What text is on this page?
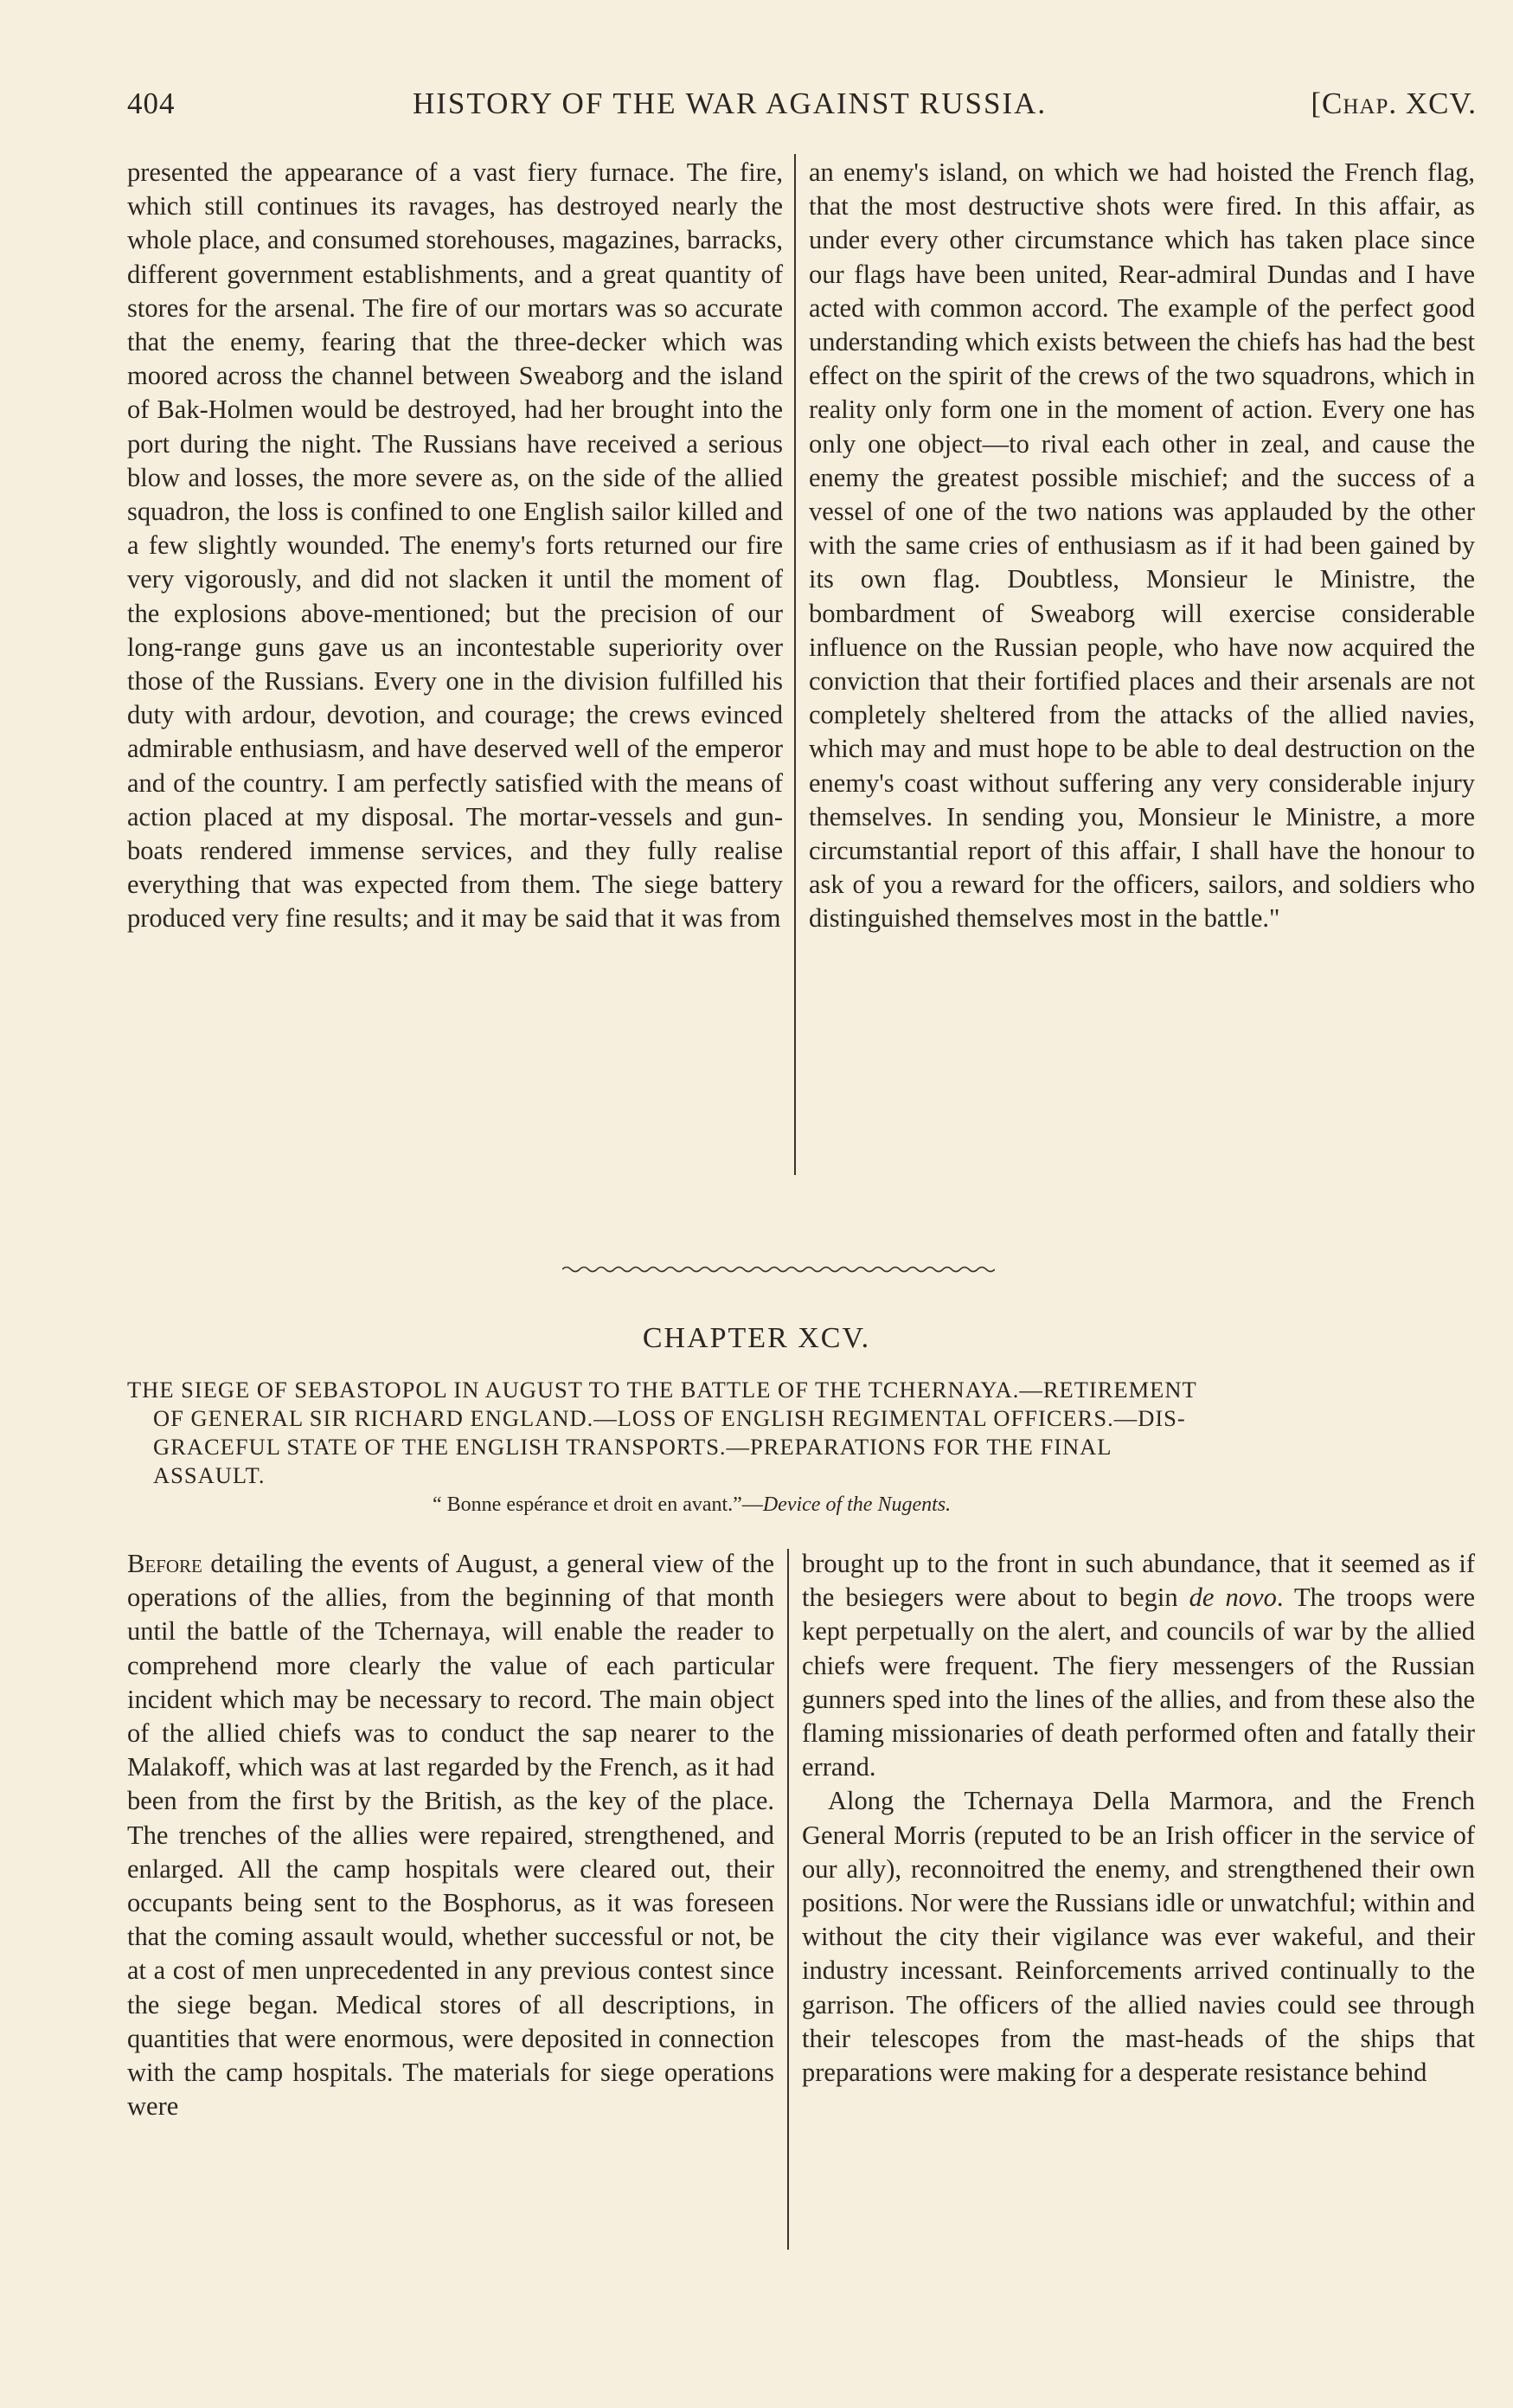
404	HISTORY OF THE WAR AGAINST RUSSIA.	[Chap. XCV.

presented the appearance of a vast fiery furnace. The fire, which still continues its ravages, has destroyed nearly the whole place, and consumed storehouses, magazines, barracks, different government establishments, and a great quantity of stores for the arsenal. The fire of our mortars was so accurate that the enemy, fearing that the three-decker which was moored across the channel between Sweaborg and the island of Bak-Holmen would be destroyed, had her brought into the port during the night. The Russians have received a serious blow and losses, the more severe as, on the side of the allied squadron, the loss is confined to one English sailor killed and a few slightly wounded. The enemy's forts returned our fire very vigorously, and did not slacken it until the moment of the explosions above-mentioned; but the precision of our long-range guns gave us an incontestable superiority over those of the Russians. Every one in the division fulfilled his duty with ardour, devotion, and courage; the crews evinced admirable enthusiasm, and have deserved well of the emperor and of the country. I am perfectly satisfied with the means of action placed at my disposal. The mortar-vessels and gun-boats rendered immense services, and they fully realise everything that was expected from them. The siege battery produced very fine results; and it may be said that it was from

an enemy's island, on which we had hoisted the French flag, that the most destructive shots were fired. In this affair, as under every other circumstance which has taken place since our flags have been united, Rear-admiral Dundas and I have acted with common accord. The example of the perfect good understanding which exists between the chiefs has had the best effect on the spirit of the crews of the two squadrons, which in reality only form one in the moment of action. Every one has only one object—to rival each other in zeal, and cause the enemy the greatest possible mischief; and the success of a vessel of one of the two nations was applauded by the other with the same cries of enthusiasm as if it had been gained by its own flag. Doubtless, Monsieur le Ministre, the bombardment of Sweaborg will exercise considerable influence on the Russian people, who have now acquired the conviction that their fortified places and their arsenals are not completely sheltered from the attacks of the allied navies, which may and must hope to be able to deal destruction on the enemy's coast without suffering any very considerable injury themselves. In sending you, Monsieur le Ministre, a more circumstantial report of this affair, I shall have the honour to ask of you a reward for the officers, sailors, and soldiers who distinguished themselves most in the battle."

CHAPTER XCV.
THE SIEGE OF SEBASTOPOL IN AUGUST TO THE BATTLE OF THE TCHERNAYA.—RETIREMENT
OF GENERAL SIR RICHARD ENGLAND.—LOSS OF ENGLISH REGIMENTAL OFFICERS.—DIS-
GRACEFUL STATE OF THE ENGLISH TRANSPORTS.—PREPARATIONS FOR THE FINAL
ASSAULT.
“ Bonne espérance et droit en avant.”—Device of the Nugents.

Before detailing the events of August, a general view of the operations of the allies, from the beginning of that month until the battle of the Tchernaya, will enable the reader to comprehend more clearly the value of each particular incident which may be necessary to record. The main object of the allied chiefs was to conduct the sap nearer to the Malakoff, which was at last regarded by the French, as it had been from the first by the British, as the key of the place. The trenches of the allies were repaired, strengthened, and enlarged. All the camp hospitals were cleared out, their occupants being sent to the Bosphorus, as it was foreseen that the coming assault would, whether successful or not, be at a cost of men unprecedented in any previous contest since the siege began. Medical stores of all descriptions, in quantities that were enormous, were deposited in connection with the camp hospitals. The materials for siege operations were

brought up to the front in such abundance, that it seemed as if the besiegers were about to begin de novo. The troops were kept perpetually on the alert, and councils of war by the allied chiefs were frequent. The fiery messengers of the Russian gunners sped into the lines of the allies, and from these also the flaming missionaries of death performed often and fatally their errand.

Along the Tchernaya Della Marmora, and the French General Morris (reputed to be an Irish officer in the service of our ally), reconnoitred the enemy, and strengthened their own positions. Nor were the Russians idle or unwatchful; within and without the city their vigilance was ever wakeful, and their industry incessant. Reinforcements arrived continually to the garrison. The officers of the allied navies could see through their telescopes from the mast-heads of the ships that preparations were making for a desperate resistance behind
